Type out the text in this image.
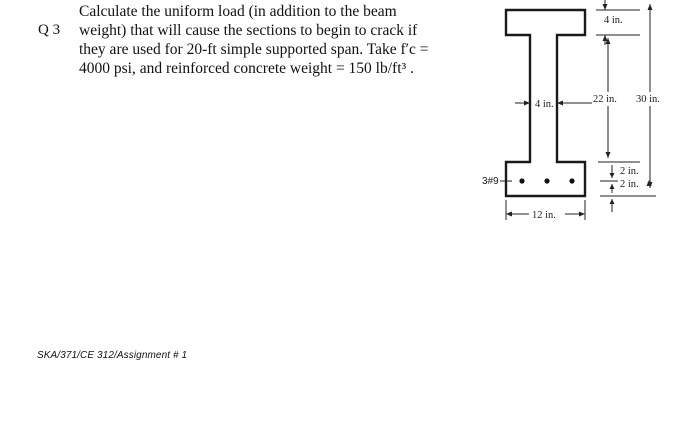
Q 3
Calculate the uniform load (in addition to the beam
weight) that will cause the sections to begin to crack if
they are used for 20-ft simple supported span. Take f′c =
4000 psi, and reinforced concrete weight = 150 lb/ft³ .
4 in.
30 in.
22 in.
4 in.
2 in.
2 in.
3#9
12 in.
SKA/371/CE 312/Assignment # 1
